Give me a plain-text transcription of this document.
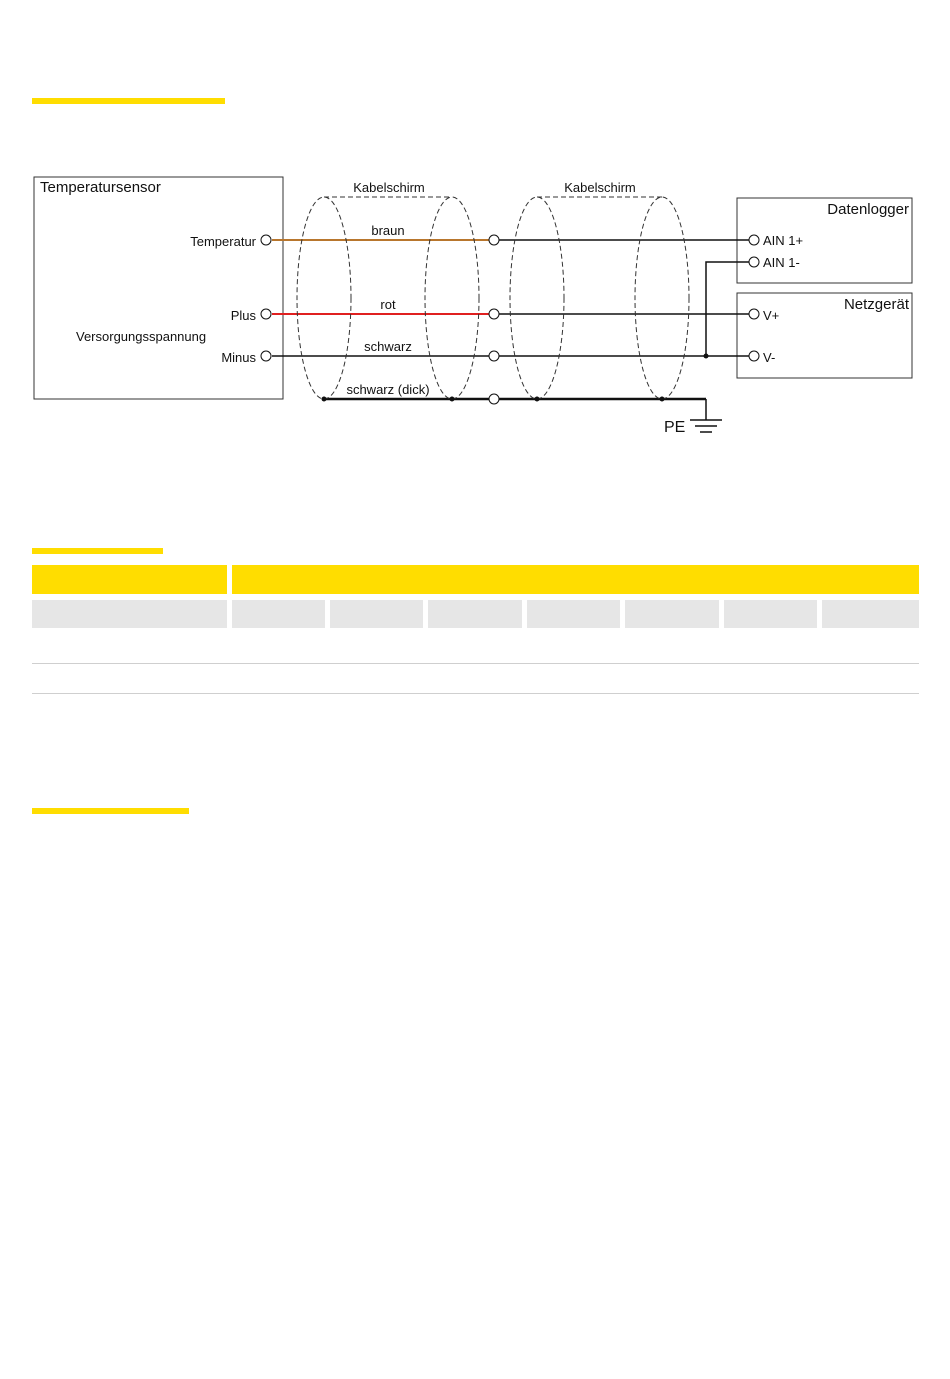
Temperatursensor
Versorgungsspannung
Temperatur
Plus
Minus
Datenlogger
AIN 1+
AIN 1-
Netzgerät
V+
V-
PE
Kabelschirm	Kabelschirm
braun
rot
schwarz
schwarz (dick)
